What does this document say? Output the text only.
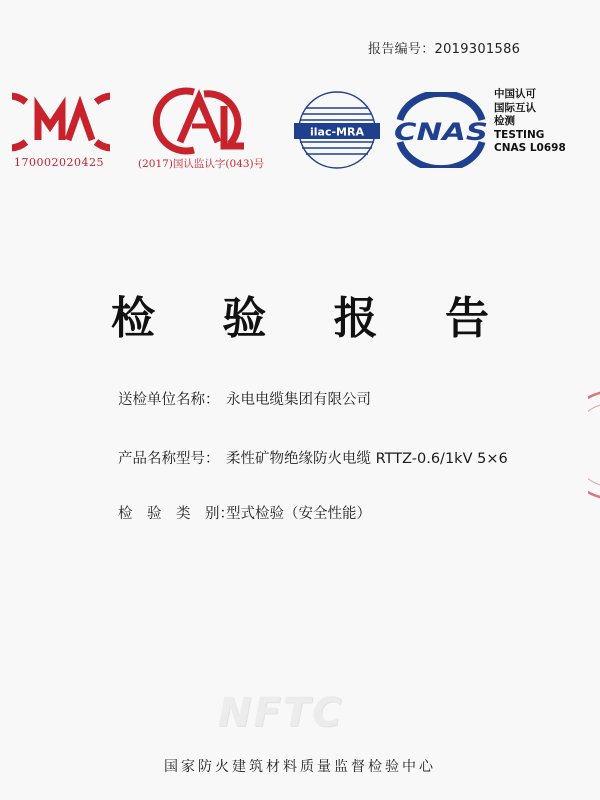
报告编号：2019301586
170002020425	(2017)国认监认字(043)号
ilac-MRA CNAS
中国认可
国际互认
检测
TESTING
CNAS L0698
检 验 报 告
送检单位名称： 永电电缆集团有限公司
产品名称型号： 柔性矿物绝缘防火电缆 RTTZ-0.6/1kV 5×6
检　验　类　别：型式检验（安全性能）
NFTC
国家防火建筑材料质量监督检验中心
